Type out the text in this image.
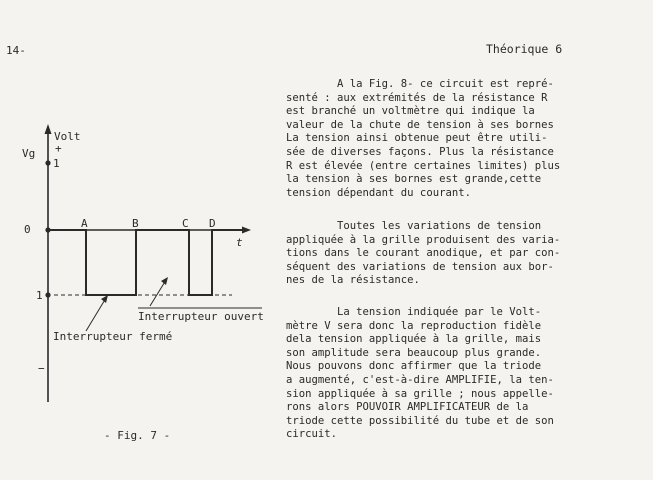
14-	Théorique 6
Volt
Vg +
1
0
1
−
t
A	B	C D
Interrupteur ouvert
Interrupteur fermé
- Fig. 7 -
A la Fig. 8- ce circuit est repré-
senté : aux extrémités de la résistance R
est branché un voltmètre qui indique la
valeur de la chute de tension à ses bornes
La tension ainsi obtenue peut être utili-
sée de diverses façons. Plus la résistance
R est élevée (entre certaines limites) plus
la tension à ses bornes est grande,cette
tension dépendant du courant.
Toutes les variations de tension
appliquée à la grille produisent des varia-
tions dans le courant anodique, et par con-
séquent des variations de tension aux bor-
nes de la résistance.
La tension indiquée par le Volt-
mètre V sera donc la reproduction fidèle
dela tension appliquée à la grille, mais
son amplitude sera beaucoup plus grande.
Nous pouvons donc affirmer que la triode
a augmenté, c'est-à-dire AMPLIFIE, la ten-
sion appliquée à sa grille ; nous appelle-
rons alors POUVOIR AMPLIFICATEUR de la
triode cette possibilité du tube et de son
circuit.
